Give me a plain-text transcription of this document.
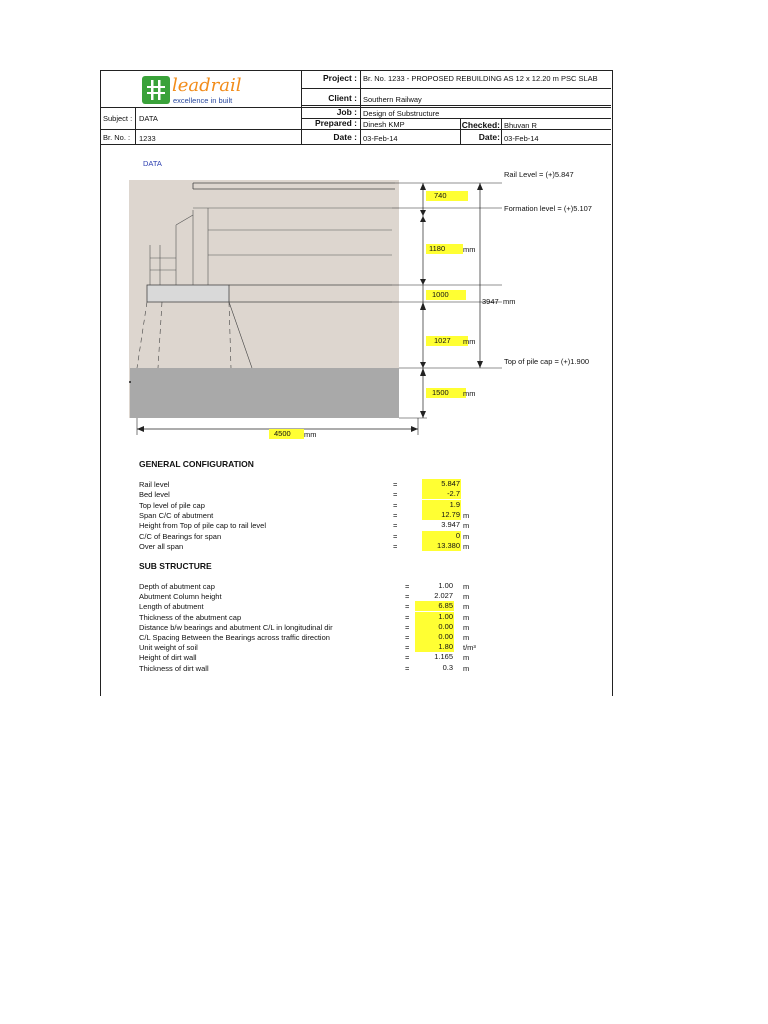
leadrail
excellence in built
Project : Br. No. 1233 - PROPOSED REBUILDING AS 12 x 12.20 m PSC SLAB
Client : Southern Railway
Job : Design of Substructure
Prepared : Dinesh KMP	Checked: Bhuvan R
Date : 03-Feb-14	Date: 03-Feb-14
Subject : DATA
Br. No. : 1233
DATA
740
1180	mm
1000
1027	mm
1500	mm
3947 mm
4500	mm
Rail Level = (+)5.847
Formation level = (+)5.107
Top of pile cap = (+)1.900
GENERAL CONFIGURATION
Rail level	=	5.847
Bed level	=	-2.7
Top level of pile cap	=	1.9
Span C/C of abutment	=	12.79 m
Height from Top of pile cap to rail level	=	3.947 m
C/C of Bearings for span	=	0 m
Over all span	=	13.380 m
SUB STRUCTURE
Depth of abutment cap	=	1.00 m
Abutment Column height	=	2.027 m
Length of abutment	=	6.85 m
Thickness of the abutment cap	=	1.00 m
Distance b/w bearings and abutment C/L in longitudinal dir	=	0.00 m
C/L Spacing Between the Bearings across traffic direction	=	0.00 m
Unit weight of soil	=	1.80 t/m³
Height of dirt wall	=	1.165 m
Thickness of dirt wall	=	0.3 m
